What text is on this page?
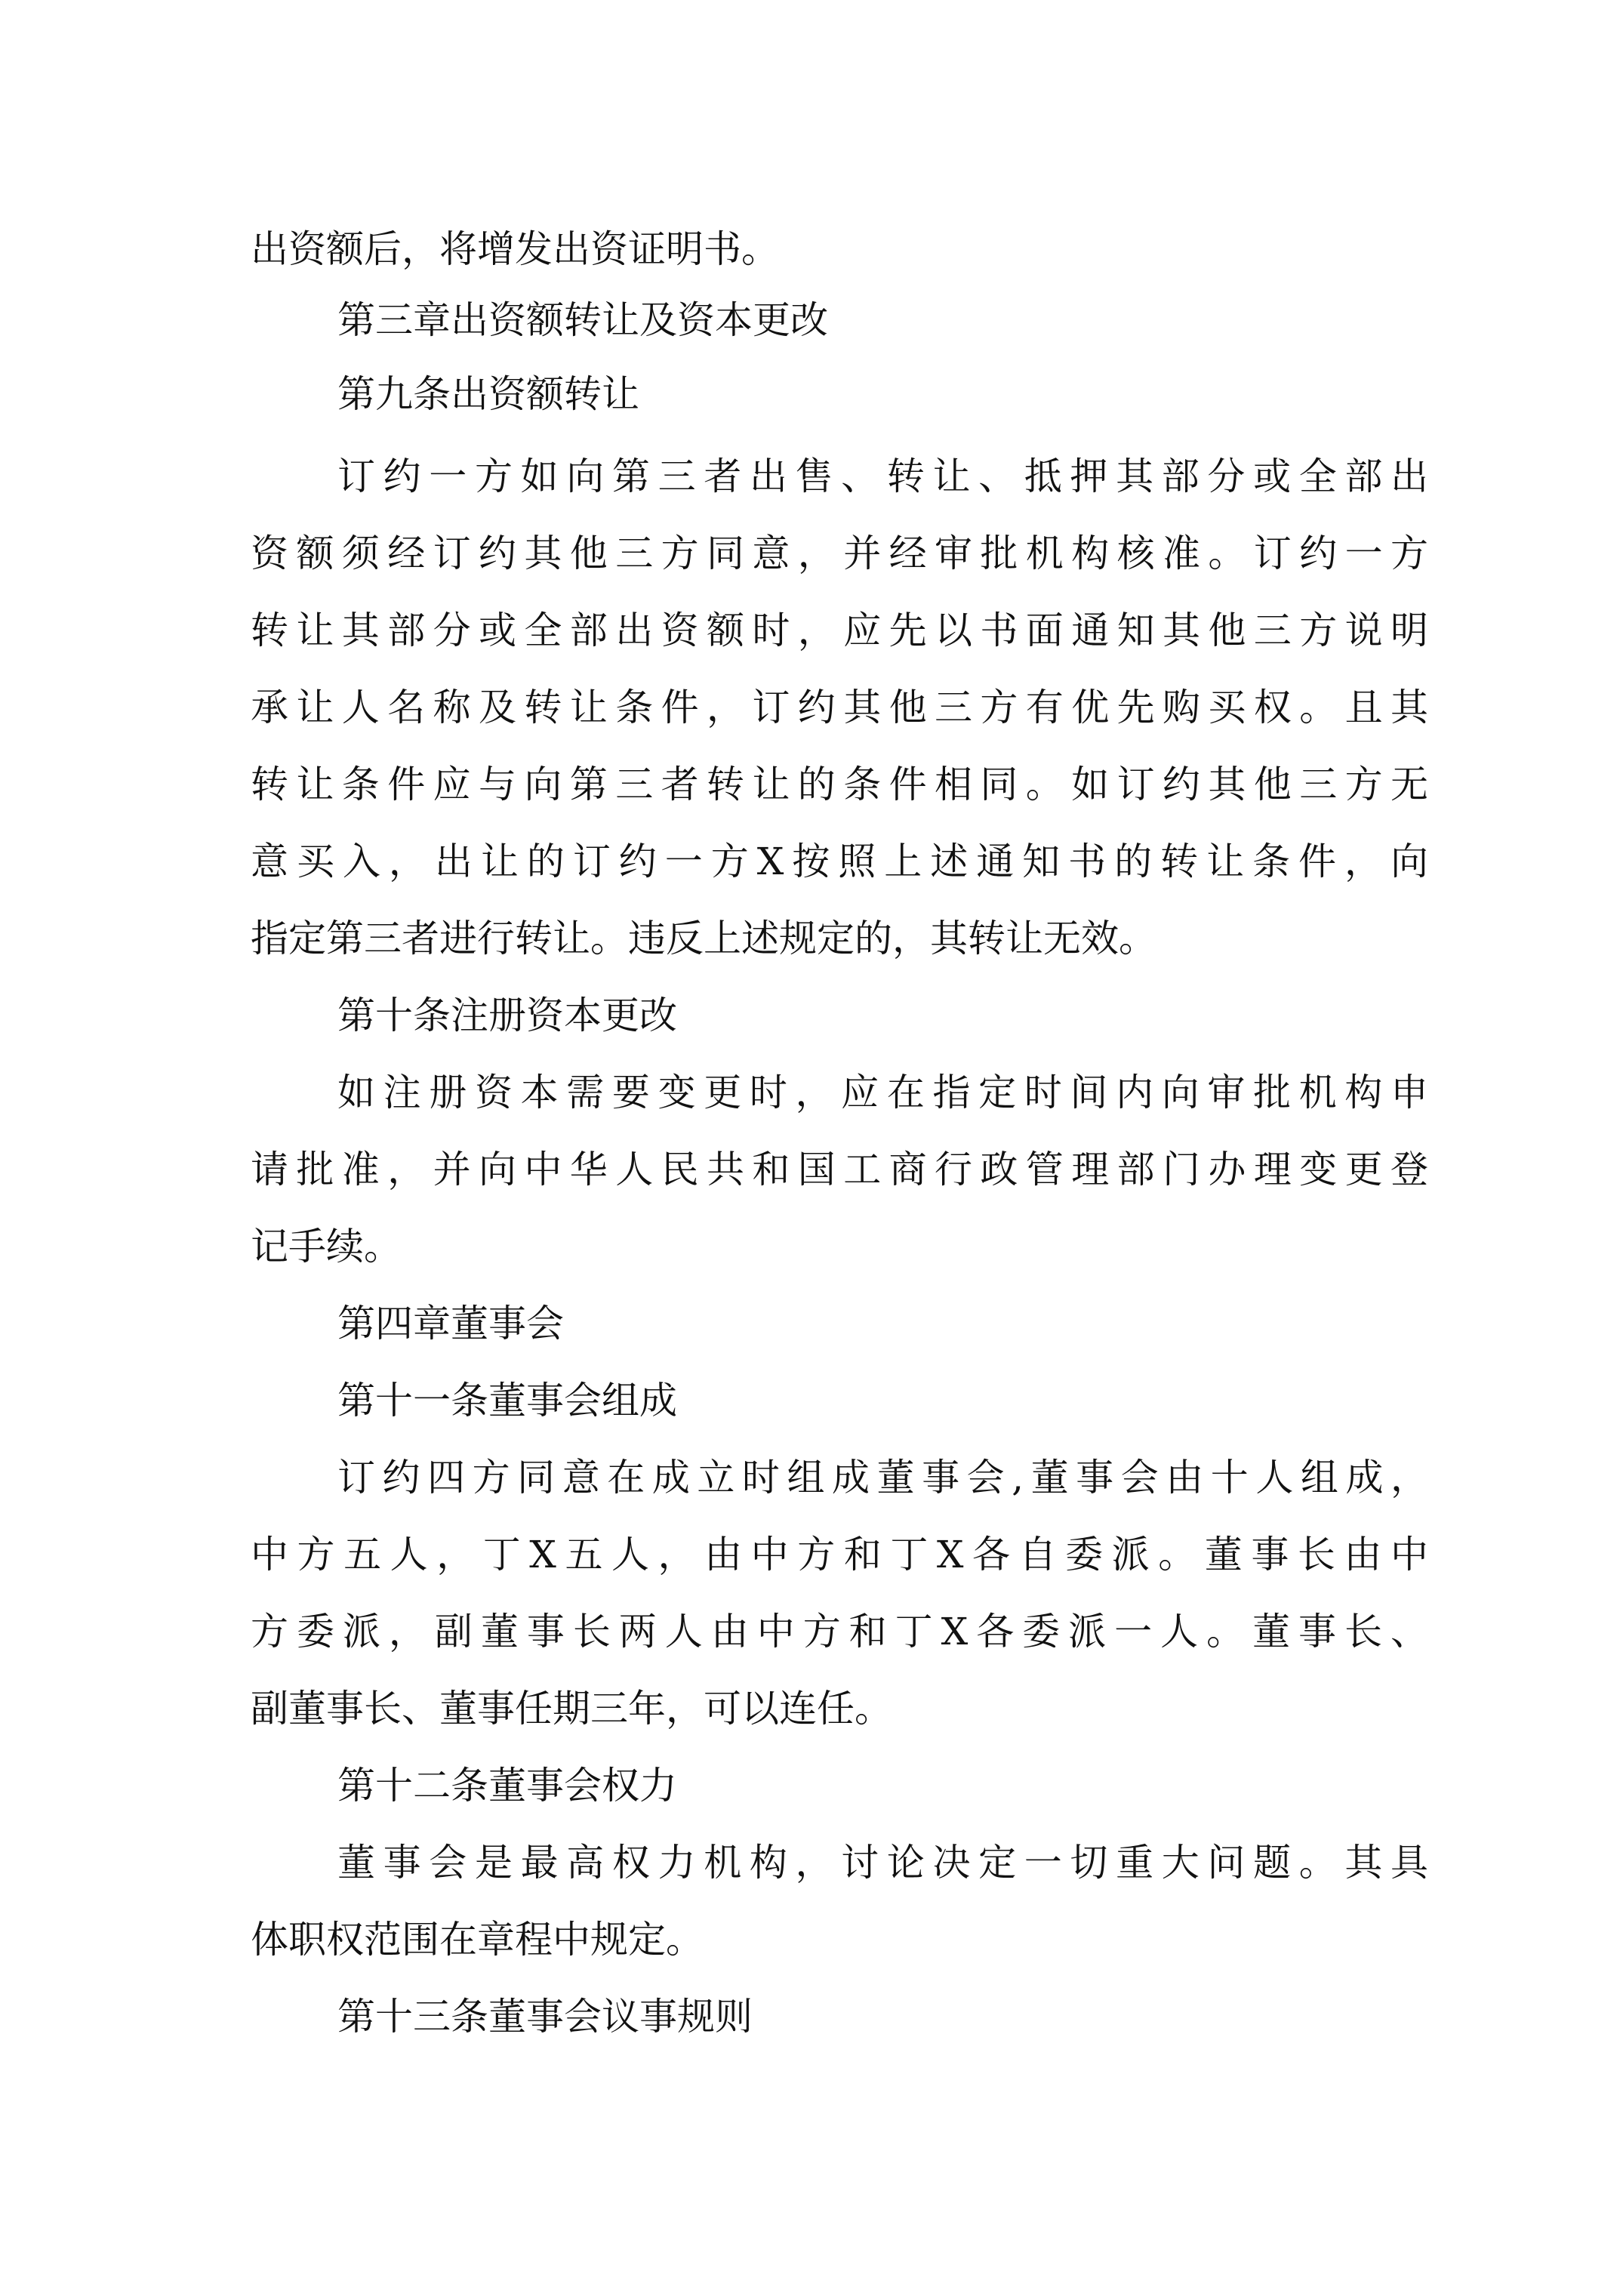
出资额后，将增发出资证明书。
第三章出资额转让及资本更改
第九条出资额转让
订约一方如向第三者出售、转让、抵押其部分或全部出
资额须经订约其他三方同意，并经审批机构核准。订约一方
转让其部分或全部出资额时，应先以书面通知其他三方说明
承让人名称及转让条件，订约其他三方有优先购买权。且其
转让条件应与向第三者转让的条件相同。如订约其他三方无
意买入，出让的订约一方X按照上述通知书的转让条件，向
指定第三者进行转让。违反上述规定的，其转让无效。
第十条注册资本更改
如注册资本需要变更时，应在指定时间内向审批机构申
请批准，并向中华人民共和国工商行政管理部门办理变更登
记手续。
第四章董事会
第十一条董事会组成
订约四方同意在成立时组成董事会,董事会由十人组成，
中方五人，丁X五人，由中方和丁X各自委派。董事长由中
方委派，副董事长两人由中方和丁X各委派一人。董事长、
副董事长、董事任期三年，可以连任。
第十二条董事会权力
董事会是最高权力机构，讨论决定一切重大问题。其具
体职权范围在章程中规定。
第十三条董事会议事规则
